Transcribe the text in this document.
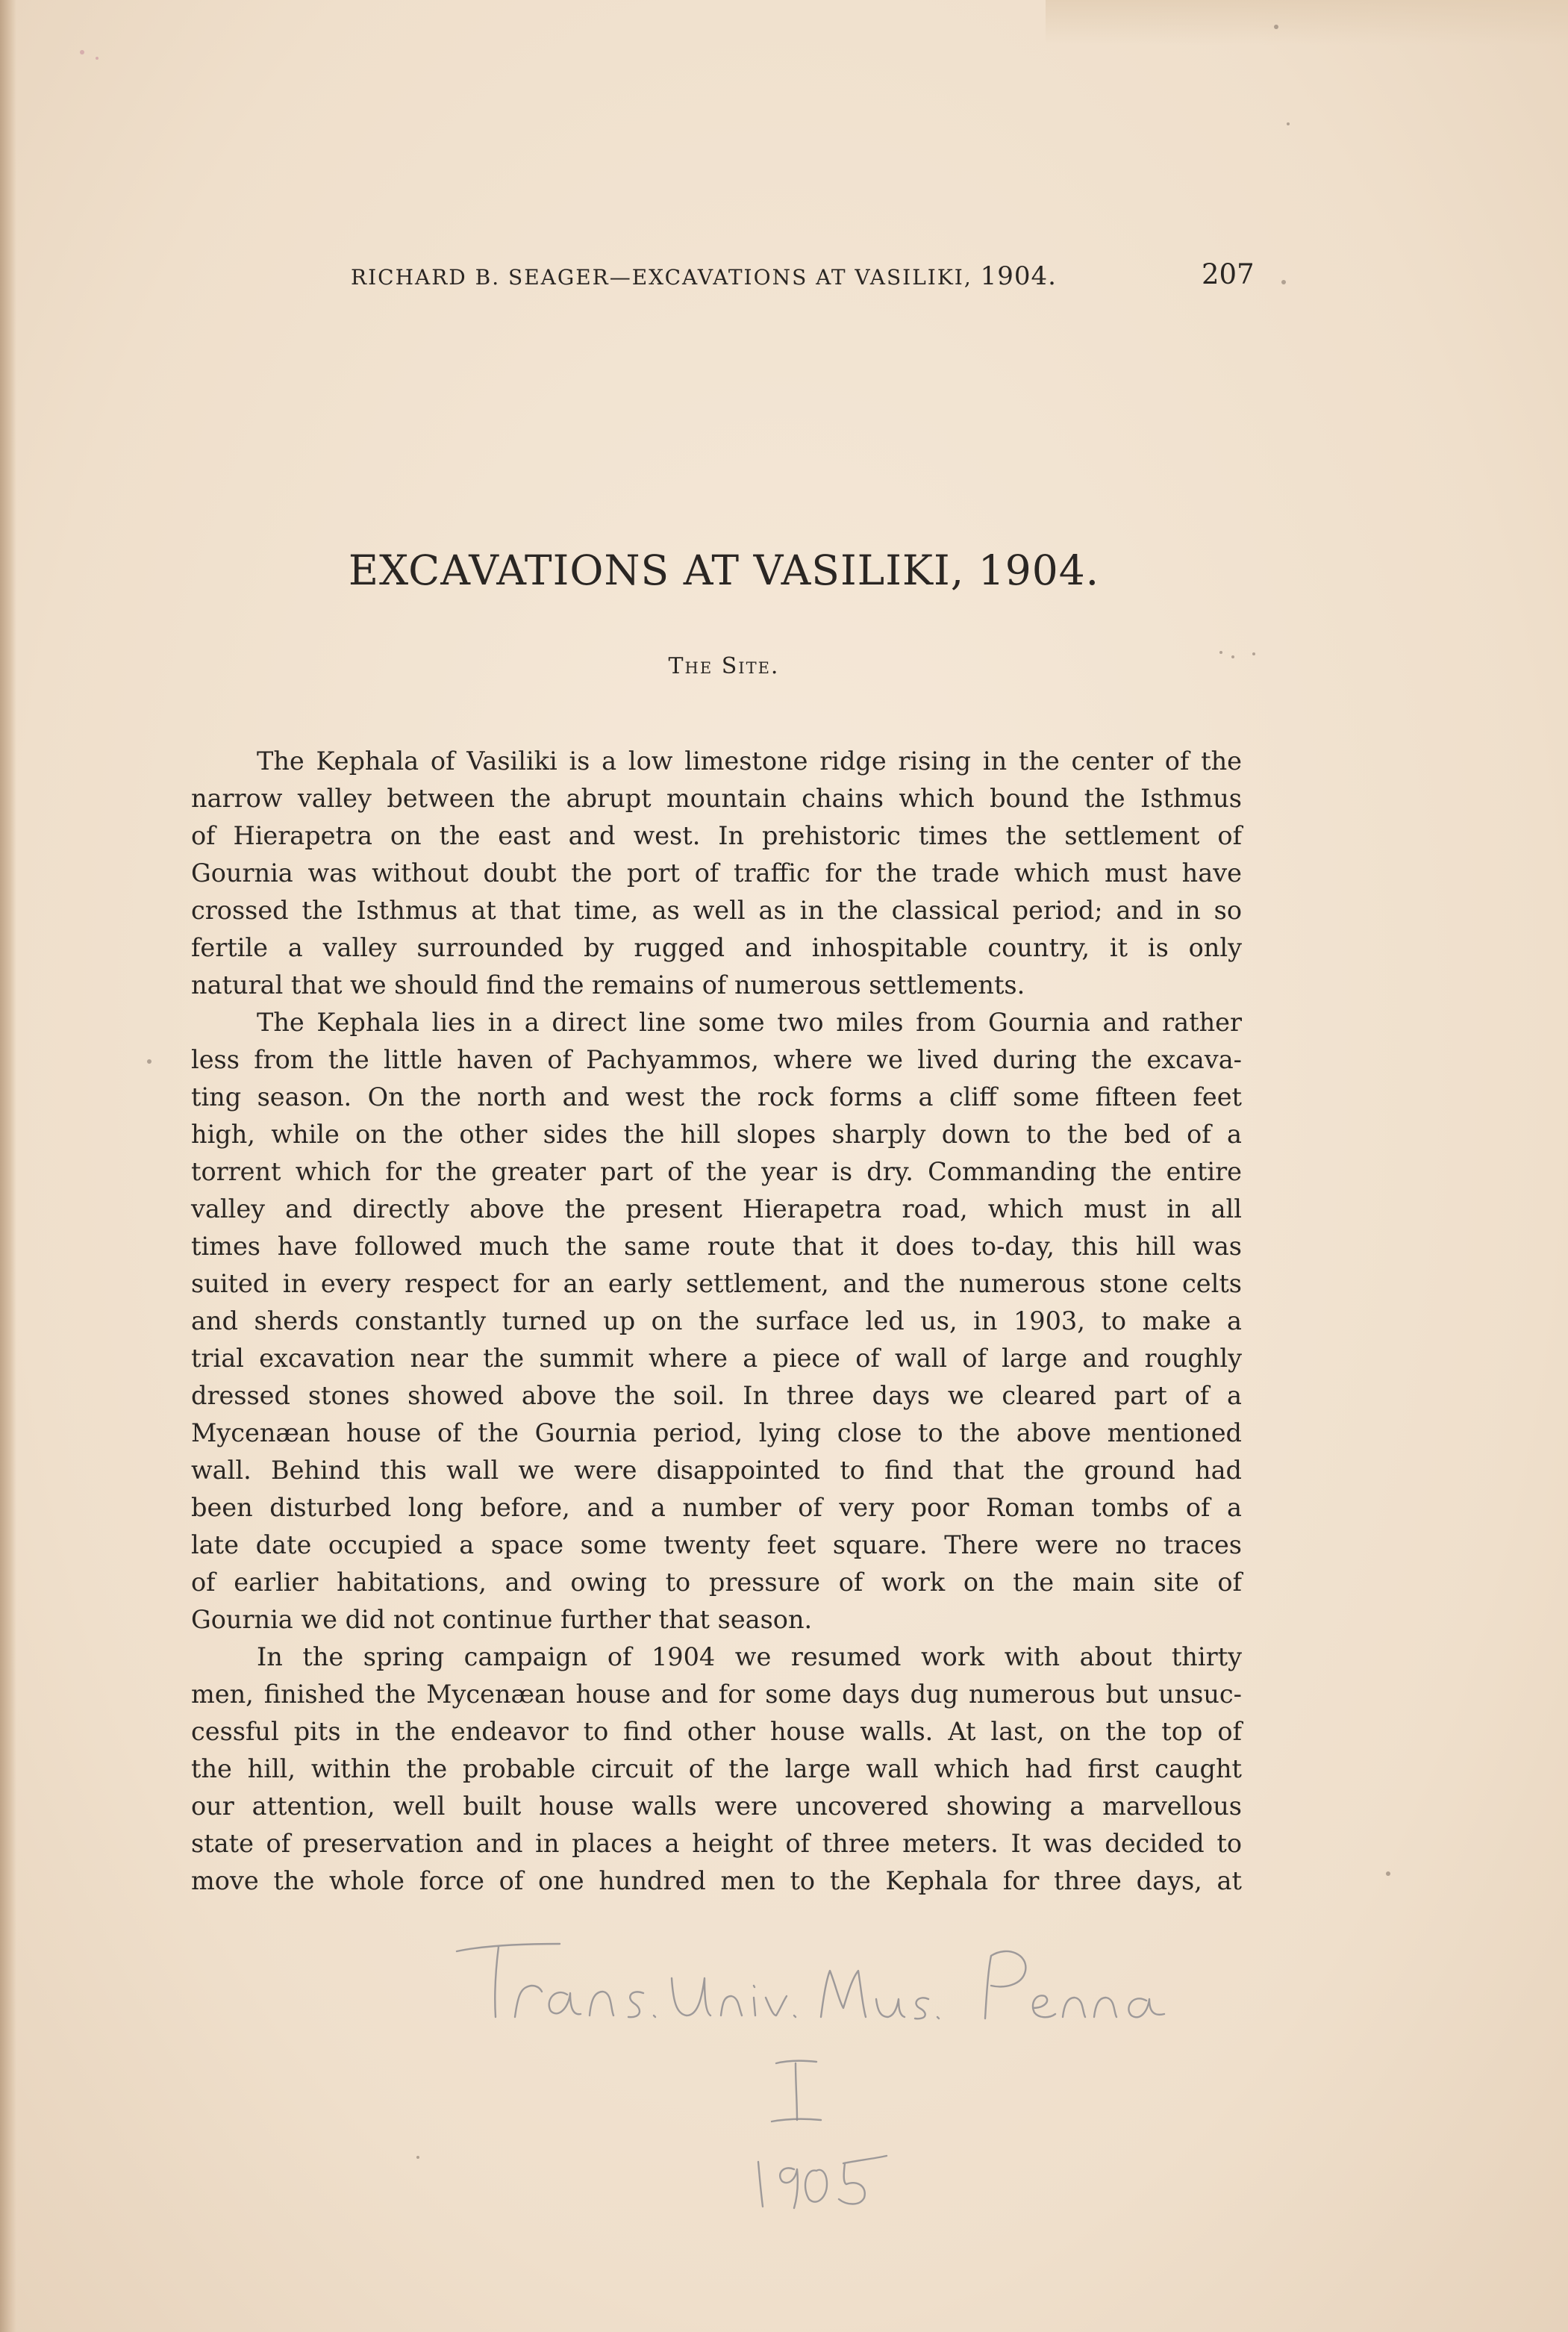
RICHARD B. SEAGER—EXCAVATIONS AT VASILIKI, 1904.	207
EXCAVATIONS AT VASILIKI, 1904.
The Site.
The Kephala of Vasiliki is a low limestone ridge rising in the center of the
narrow valley between the abrupt mountain chains which bound the Isthmus
of Hierapetra on the east and west. In prehistoric times the settlement of
Gournia was without doubt the port of traffic for the trade which must have
crossed the Isthmus at that time, as well as in the classical period; and in so
fertile a valley surrounded by rugged and inhospitable country, it is only
natural that we should find the remains of numerous settlements.
The Kephala lies in a direct line some two miles from Gournia and rather
less from the little haven of Pachyammos, where we lived during the excava-
ting season. On the north and west the rock forms a cliff some fifteen feet
high, while on the other sides the hill slopes sharply down to the bed of a
torrent which for the greater part of the year is dry. Commanding the entire
valley and directly above the present Hierapetra road, which must in all
times have followed much the same route that it does to-day, this hill was
suited in every respect for an early settlement, and the numerous stone celts
and sherds constantly turned up on the surface led us, in 1903, to make a
trial excavation near the summit where a piece of wall of large and roughly
dressed stones showed above the soil. In three days we cleared part of a
Mycenæan house of the Gournia period, lying close to the above mentioned
wall. Behind this wall we were disappointed to find that the ground had
been disturbed long before, and a number of very poor Roman tombs of a
late date occupied a space some twenty feet square. There were no traces
of earlier habitations, and owing to pressure of work on the main site of
Gournia we did not continue further that season.
In the spring campaign of 1904 we resumed work with about thirty
men, finished the Mycenæan house and for some days dug numerous but unsuc-
cessful pits in the endeavor to find other house walls. At last, on the top of
the hill, within the probable circuit of the large wall which had first caught
our attention, well built house walls were uncovered showing a marvellous
state of preservation and in places a height of three meters. It was decided to
move the whole force of one hundred men to the Kephala for three days, at
